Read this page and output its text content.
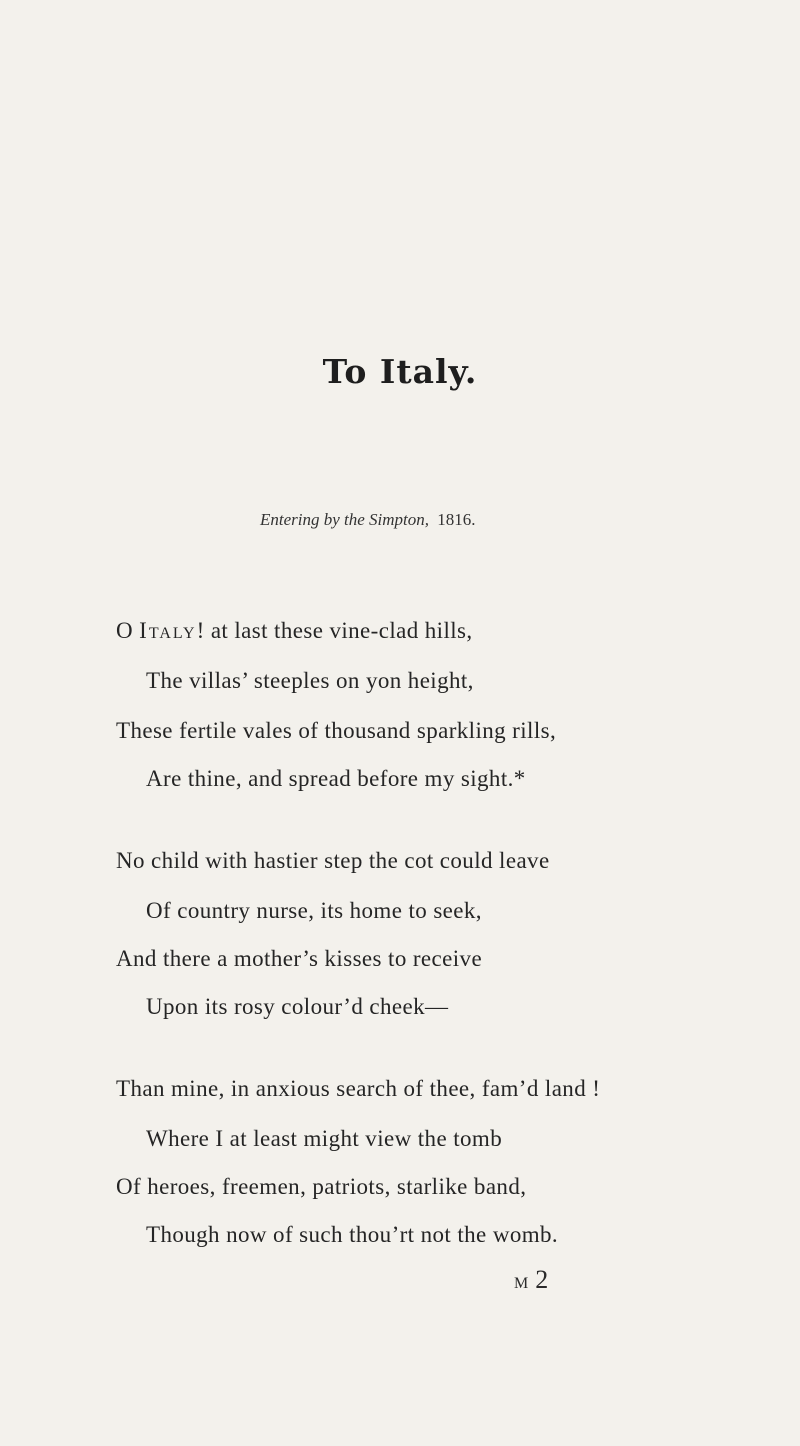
To Italy.
Entering by the Simpton, 1816.
O Italy! at last these vine-clad hills,
The villas’ steeples on yon height,
These fertile vales of thousand sparkling rills,
Are thine, and spread before my sight.*
No child with hastier step the cot could leave
Of country nurse, its home to seek,
And there a mother’s kisses to receive
Upon its rosy colour’d cheek—
Than mine, in anxious search of thee, fam’d land !
Where I at least might view the tomb
Of heroes, freemen, patriots, starlike band,
Though now of such thou’rt not the womb.
M 2
